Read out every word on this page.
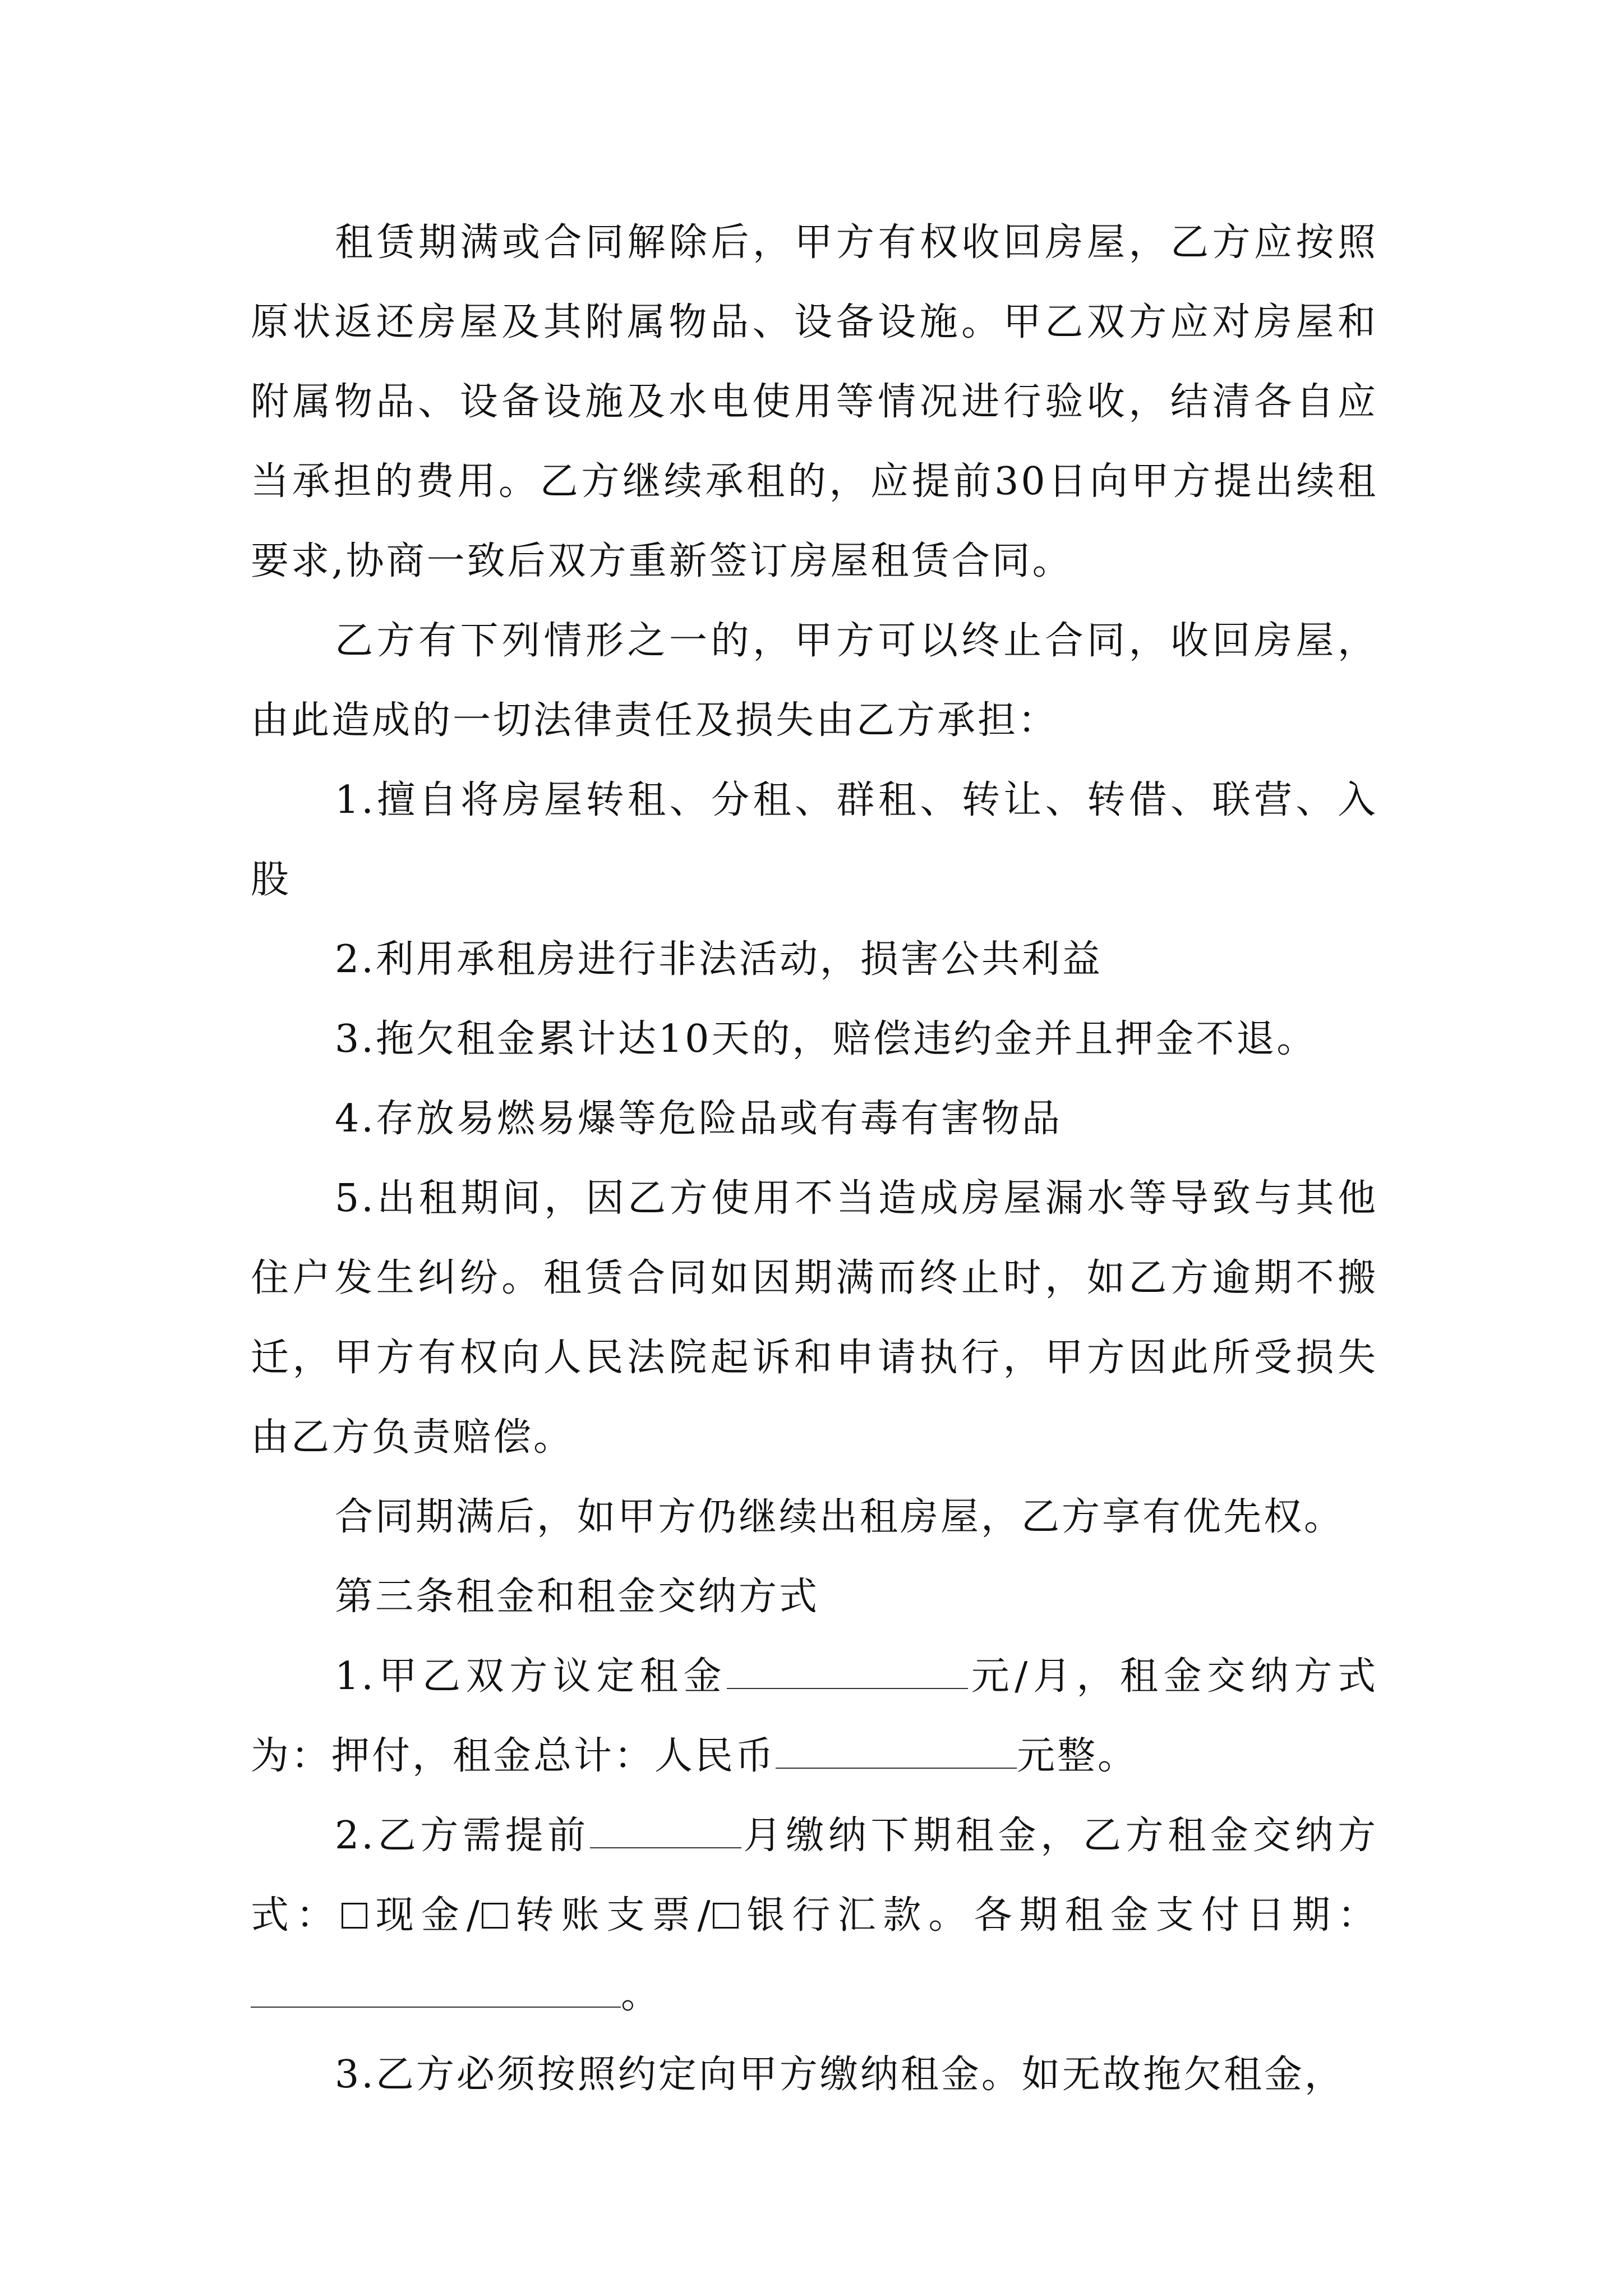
租赁期满或合同解除后，甲方有权收回房屋，乙方应按照原状返还房屋及其附属物品、设备设施。甲乙双方应对房屋和附属物品、设备设施及水电使用等情况进行验收，结清各自应当承担的费用。乙方继续承租的，应提前30日向甲方提出续租要求,协商一致后双方重新签订房屋租赁合同。

乙方有下列情形之一的，甲方可以终止合同，收回房屋，由此造成的一切法律责任及损失由乙方承担：

1.擅自将房屋转租、分租、群租、转让、转借、联营、入股

2.利用承租房进行非法活动，损害公共利益

3.拖欠租金累计达10天的，赔偿违约金并且押金不退。

4.存放易燃易爆等危险品或有毒有害物品

5.出租期间，因乙方使用不当造成房屋漏水等导致与其他住户发生纠纷。租赁合同如因期满而终止时，如乙方逾期不搬迁，甲方有权向人民法院起诉和申请执行，甲方因此所受损失由乙方负责赔偿。

合同期满后，如甲方仍继续出租房屋，乙方享有优先权。

第三条租金和租金交纳方式

1.甲乙双方议定租金	元/月，租金交纳方式为：押付，租金总计：人民币	元整。

2.乙方需提前	月缴纳下期租金，乙方租金交纳方式： 现金/ 转账支票/ 银行汇款。各期租金支付日期：。

3.乙方必须按照约定向甲方缴纳租金。如无故拖欠租金，
